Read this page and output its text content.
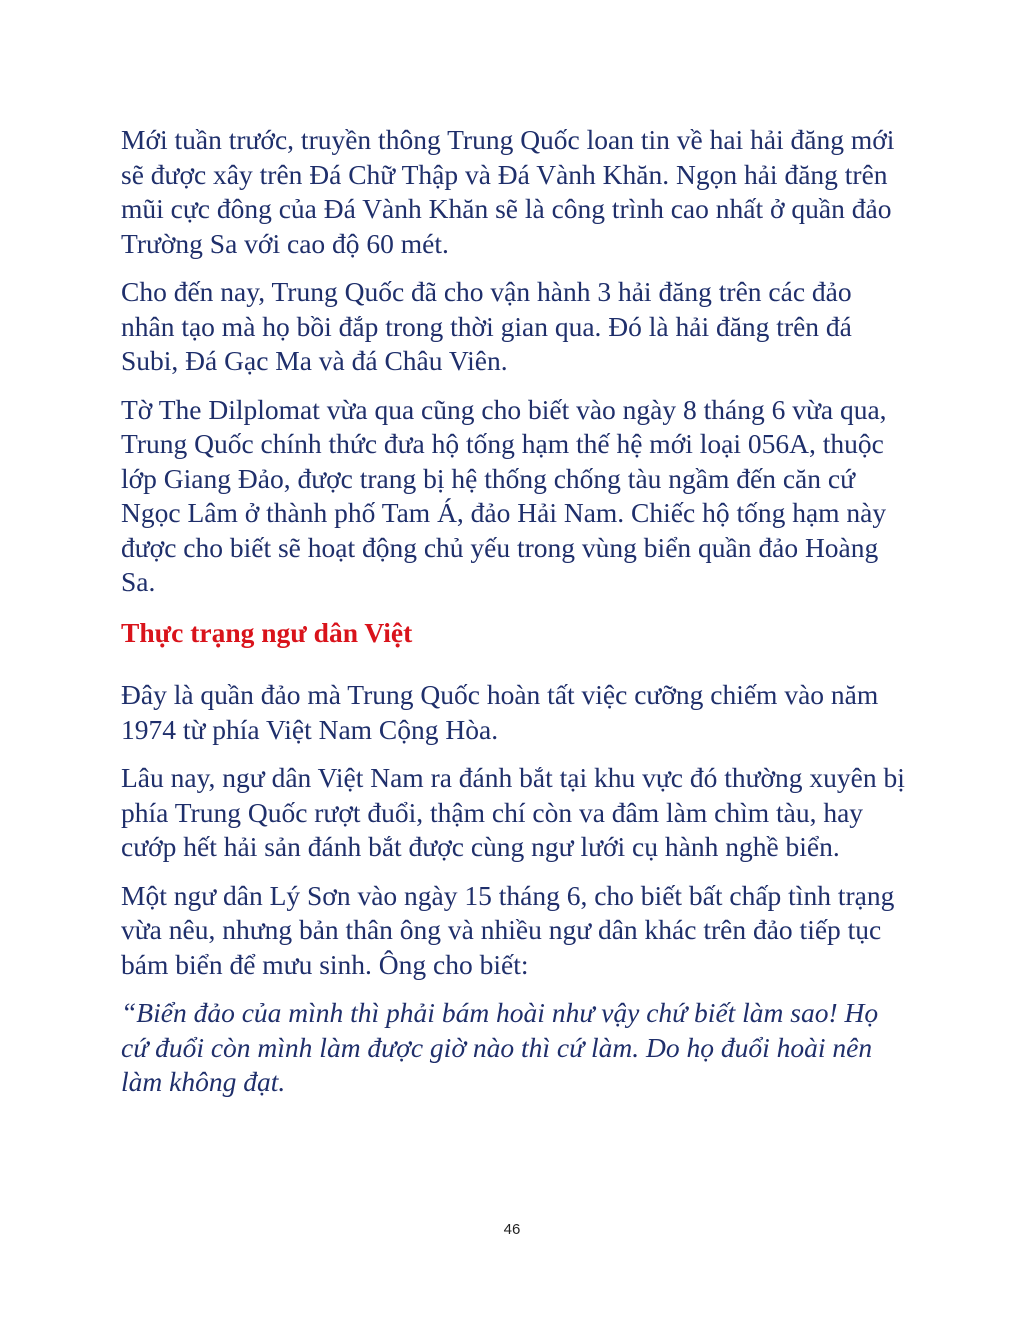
Mới tuần trước, truyền thông Trung Quốc loan tin về hai hải đăng mới sẽ được xây trên Đá Chữ Thập và Đá Vành Khăn. Ngọn hải đăng trên mũi cực đông của Đá Vành Khăn sẽ là công trình cao nhất ở quần đảo Trường Sa với cao độ 60 mét.

Cho đến nay, Trung Quốc đã cho vận hành 3 hải đăng trên các đảo nhân tạo mà họ bồi đắp trong thời gian qua. Đó là hải đăng trên đá Subi, Đá Gạc Ma và đá Châu Viên.

Tờ The Dilplomat vừa qua cũng cho biết vào ngày 8 tháng 6 vừa qua, Trung Quốc chính thức đưa hộ tống hạm thế hệ mới loại 056A, thuộc lớp Giang Đảo, được trang bị hệ thống chống tàu ngầm đến căn cứ Ngọc Lâm ở thành phố Tam Á, đảo Hải Nam. Chiếc hộ tống hạm này được cho biết sẽ hoạt động chủ yếu trong vùng biển quần đảo Hoàng Sa.

Thực trạng ngư dân Việt

Đây là quần đảo mà Trung Quốc hoàn tất việc cưỡng chiếm vào năm 1974 từ phía Việt Nam Cộng Hòa.

Lâu nay, ngư dân Việt Nam ra đánh bắt tại khu vực đó thường xuyên bị phía Trung Quốc rượt đuổi, thậm chí còn va đâm làm chìm tàu, hay cướp hết hải sản đánh bắt được cùng ngư lưới cụ hành nghề biển.

Một ngư dân Lý Sơn vào ngày 15 tháng 6, cho biết bất chấp tình trạng vừa nêu, nhưng bản thân ông và nhiều ngư dân khác trên đảo tiếp tục bám biển để mưu sinh. Ông cho biết:

“Biển đảo của mình thì phải bám hoài như vậy chứ biết làm sao! Họ cứ đuổi còn mình làm được giờ nào thì cứ làm. Do họ đuổi hoài nên làm không đạt.

46
